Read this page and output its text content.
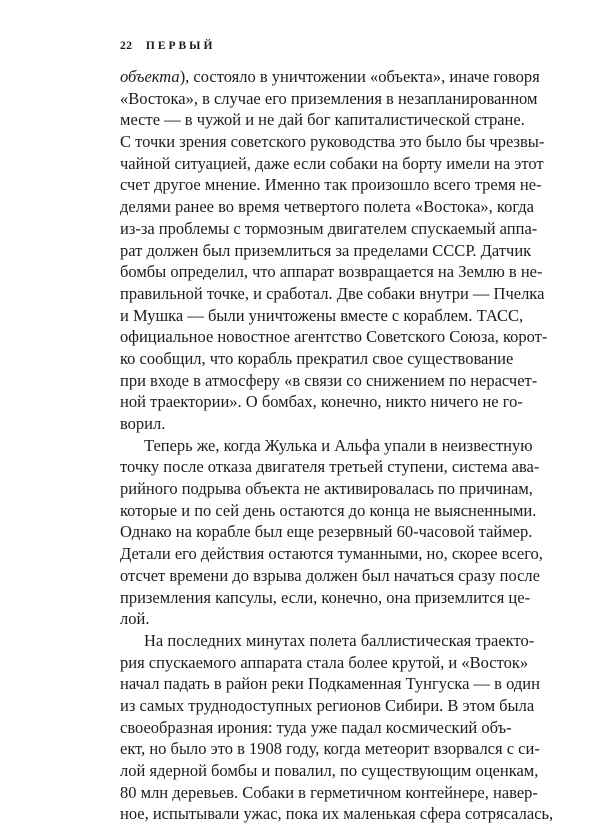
22 ПЕРВЫЙ
объекта), состояло в уничтожении «объекта», иначе говоря
«Востока», в случае его приземления в незапланированном
месте — в чужой и не дай бог капиталистической стране.
С точки зрения советского руководства это было бы чрезвы-
чайной ситуацией, даже если собаки на борту имели на этот
счет другое мнение. Именно так произошло всего тремя не-
делями ранее во время четвертого полета «Востока», когда
из-за проблемы с тормозным двигателем спускаемый аппа-
рат должен был приземлиться за пределами СССР. Датчик
бомбы определил, что аппарат возвращается на Землю в не-
правильной точке, и сработал. Две собаки внутри — Пчелка
и Мушка — были уничтожены вместе с кораблем. ТАСС,
официальное новостное агентство Советского Союза, корот-
ко сообщил, что корабль прекратил свое существование
при входе в атмосферу «в связи со снижением по нерасчет-
ной траектории». О бомбах, конечно, никто ничего не го-
ворил.
Теперь же, когда Жулька и Альфа упали в неизвестную
точку после отказа двигателя третьей ступени, система ава-
рийного подрыва объекта не активировалась по причинам,
которые и по сей день остаются до конца не выясненными.
Однако на корабле был еще резервный 60-часовой таймер.
Детали его действия остаются туманными, но, скорее всего,
отсчет времени до взрыва должен был начаться сразу после
приземления капсулы, если, конечно, она приземлится це-
лой.
На последних минутах полета баллистическая траекто-
рия спускаемого аппарата стала более крутой, и «Восток»
начал падать в район реки Подкаменная Тунгуска — в один
из самых труднодоступных регионов Сибири. В этом была
своеобразная ирония: туда уже падал космический объ-
ект, но было это в 1908 году, когда метеорит взорвался с си-
лой ядерной бомбы и повалил, по существующим оценкам,
80 млн деревьев. Собаки в герметичном контейнере, навер-
ное, испытывали ужас, пока их маленькая сфера сотрясалась,
